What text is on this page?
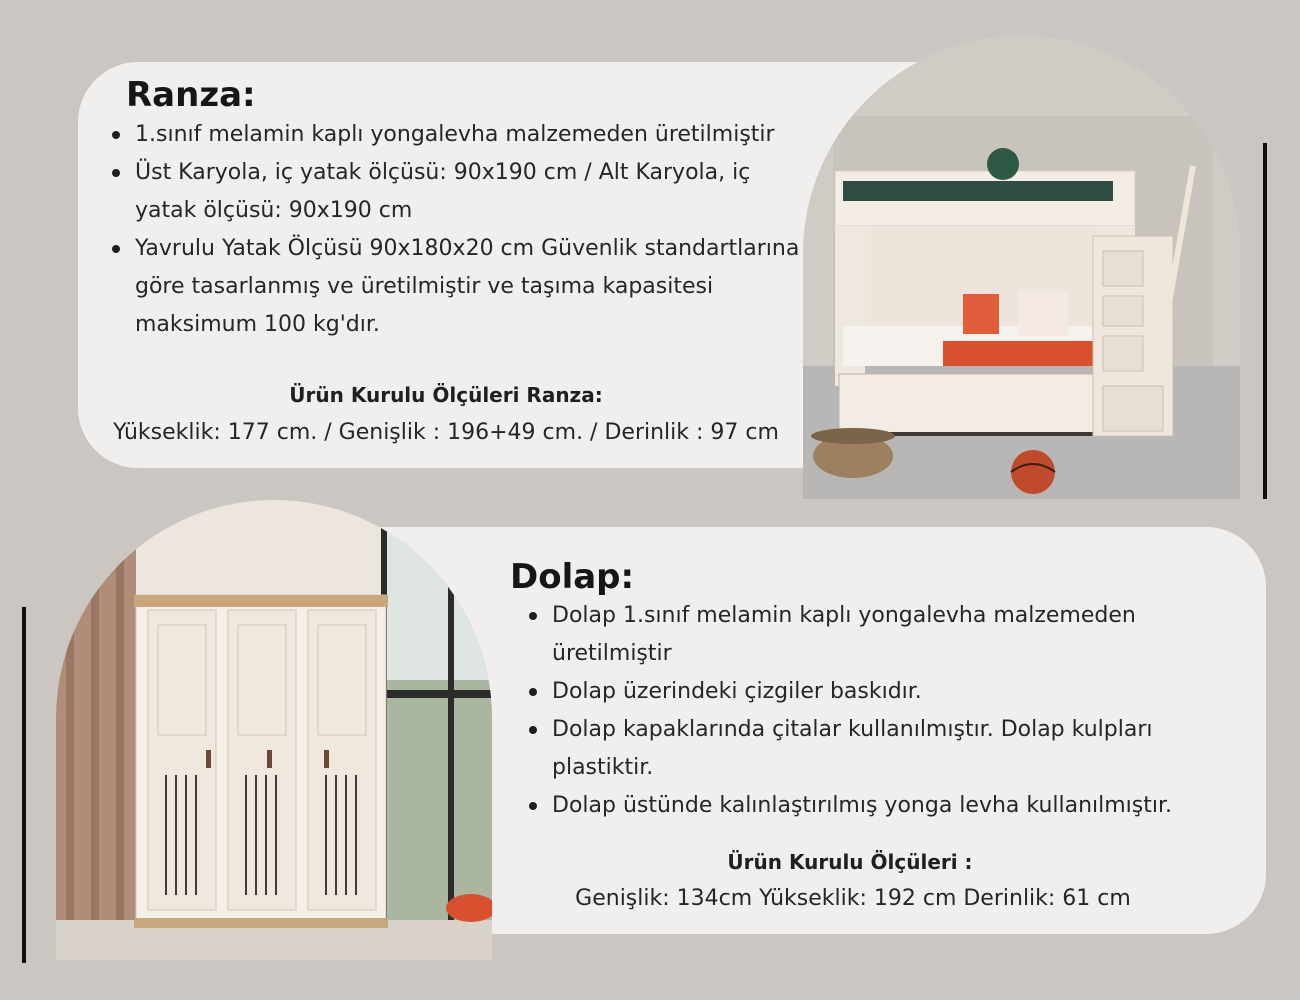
Ranza:
1.sınıf melamin kaplı yongalevha malzemeden üretilmiştir
Üst Karyola, iç yatak ölçüsü: 90x190 cm / Alt Karyola, iç yatak ölçüsü: 90x190 cm
Yavrulu Yatak Ölçüsü 90x180x20 cm Güvenlik standartlarına göre tasarlanmış ve üretilmiştir ve taşıma kapasitesi maksimum 100 kg'dır.
Ürün Kurulu Ölçüleri Ranza:
Yükseklik: 177 cm. / Genişlik : 196+49 cm. / Derinlik : 97 cm
Dolap:
Dolap 1.sınıf melamin kaplı yongalevha malzemeden üretilmiştir
Dolap üzerindeki çizgiler baskıdır.
Dolap kapaklarında çitalar kullanılmıştır. Dolap kulpları plastiktir.
Dolap üstünde kalınlaştırılmış yonga levha kullanılmıştır.
Ürün Kurulu Ölçüleri :
Genişlik: 134cm Yükseklik: 192 cm Derinlik: 61 cm
